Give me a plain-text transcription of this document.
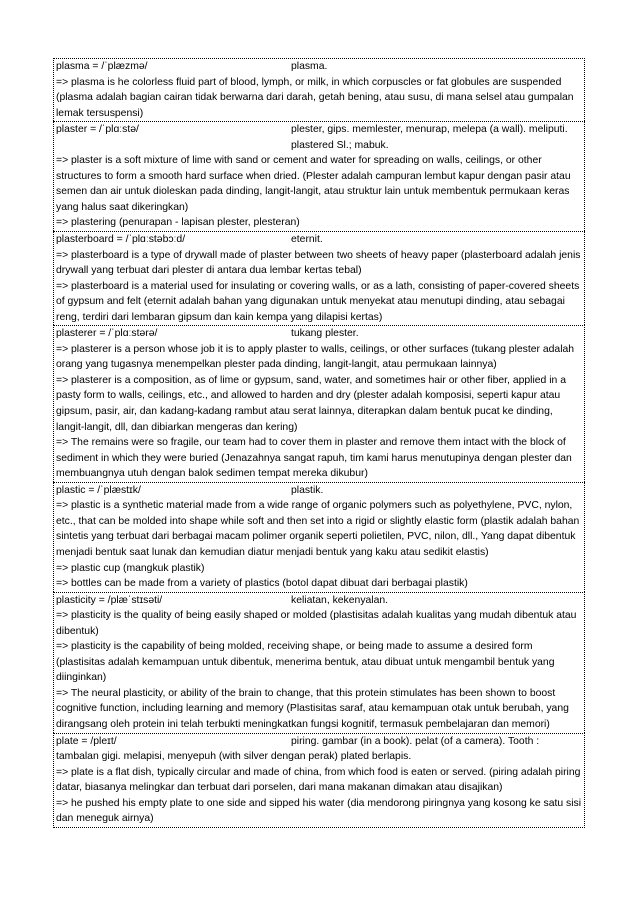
plasma = /ˈplæzmə/	plasma.
=> plasma is he colorless fluid part of blood, lymph, or milk, in which corpuscles or fat globules are suspended (plasma adalah bagian cairan tidak berwarna dari darah, getah bening, atau susu, di mana selsel atau gumpalan lemak tersuspensi)
plaster = /ˈplɑːstə/	plester, gips. memlester, menurap, melepa (a wall). meliputi. plastered Sl.; mabuk.
=> plaster is a soft mixture of lime with sand or cement and water for spreading on walls, ceilings, or other structures to form a smooth hard surface when dried. (Plester adalah campuran lembut kapur dengan pasir atau semen dan air untuk dioleskan pada dinding, langit-langit, atau struktur lain untuk membentuk permukaan keras yang halus saat dikeringkan)
=> plastering (penurapan - lapisan plester, plesteran)
plasterboard = /ˈplɑːstəbɔːd/	eternit.
=> plasterboard is a type of drywall made of plaster between two sheets of heavy paper (plasterboard adalah jenis drywall yang terbuat dari plester di antara dua lembar kertas tebal)
=> plasterboard is a material used for insulating or covering walls, or as a lath, consisting of paper-covered sheets of gypsum and felt (eternit adalah bahan yang digunakan untuk menyekat atau menutupi dinding, atau sebagai reng, terdiri dari lembaran gipsum dan kain kempa yang dilapisi kertas)
plasterer = /ˈplɑːstərə/	tukang plester.
=> plasterer is a person whose job it is to apply plaster to walls, ceilings, or other surfaces (tukang plester adalah orang yang tugasnya menempelkan plester pada dinding, langit-langit, atau permukaan lainnya)
=> plasterer is a composition, as of lime or gypsum, sand, water, and sometimes hair or other fiber, applied in a pasty form to walls, ceilings, etc., and allowed to harden and dry (plester adalah komposisi, seperti kapur atau gipsum, pasir, air, dan kadang-kadang rambut atau serat lainnya, diterapkan dalam bentuk pucat ke dinding, langit-langit, dll, dan dibiarkan mengeras dan kering)
=> The remains were so fragile, our team had to cover them in plaster and remove them intact with the block of sediment in which they were buried (Jenazahnya sangat rapuh, tim kami harus menutupinya dengan plester dan membuangnya utuh dengan balok sedimen tempat mereka dikubur)
plastic = /ˈplæstɪk/	plastik.
=> plastic is a synthetic material made from a wide range of organic polymers such as polyethylene, PVC, nylon, etc., that can be molded into shape while soft and then set into a rigid or slightly elastic form (plastik adalah bahan sintetis yang terbuat dari berbagai macam polimer organik seperti polietilen, PVC, nilon, dll., Yang dapat dibentuk menjadi bentuk saat lunak dan kemudian diatur menjadi bentuk yang kaku atau sedikit elastis)
=> plastic cup (mangkuk plastik)
=> bottles can be made from a variety of plastics (botol dapat dibuat dari berbagai plastik)
plasticity = /plæˈstɪsəti/	keliatan, kekenyalan.
=> plasticity is the quality of being easily shaped or molded (plastisitas adalah kualitas yang mudah dibentuk atau dibentuk)
=> plasticity is the capability of being molded, receiving shape, or being made to assume a desired form (plastisitas adalah kemampuan untuk dibentuk, menerima bentuk, atau dibuat untuk mengambil bentuk yang diinginkan)
=> The neural plasticity, or ability of the brain to change, that this protein stimulates has been shown to boost cognitive function, including learning and memory (Plastisitas saraf, atau kemampuan otak untuk berubah, yang dirangsang oleh protein ini telah terbukti meningkatkan fungsi kognitif, termasuk pembelajaran dan memori)
plate = /pleɪt/	piring. gambar (in a book). pelat (of a camera). Tooth :
tambalan gigi. melapisi, menyepuh (with silver dengan perak) plated berlapis.
=> plate is a flat dish, typically circular and made of china, from which food is eaten or served. (piring adalah piring datar, biasanya melingkar dan terbuat dari porselen, dari mana makanan dimakan atau disajikan)
=> he pushed his empty plate to one side and sipped his water (dia mendorong piringnya yang kosong ke satu sisi dan meneguk airnya)
